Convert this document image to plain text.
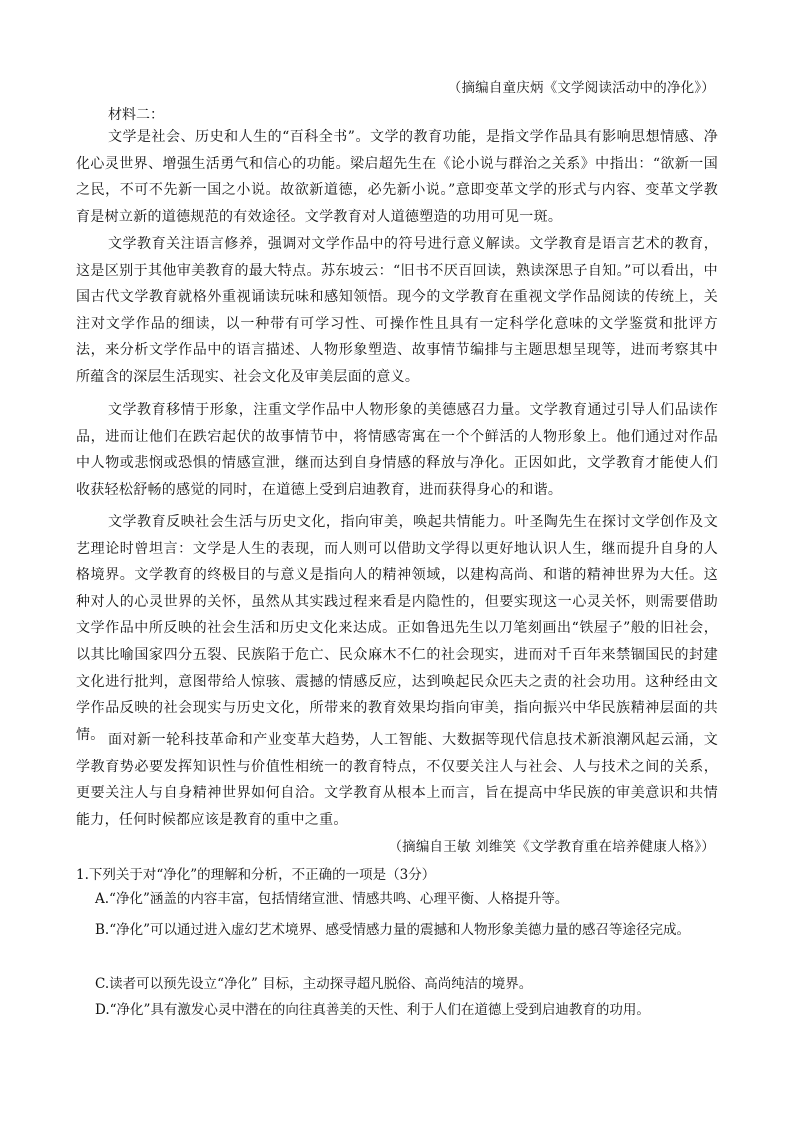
（摘编自童庆炳《文学阅读活动中的净化》）
材料二：

文学是社会、历史和人生的“百科全书”。文学的教育功能，是指文学作品具有影响思想情感、净化心灵世界、增强生活勇气和信心的功能。梁启超先生在《论小说与群治之关系》中指出：“欲新一国之民，不可不先新一国之小说。故欲新道德，必先新小说。”意即变革文学的形式与内容、变革文学教育是树立新的道德规范的有效途径。文学教育对人道德塑造的功用可见一斑。

文学教育关注语言修养，强调对文学作品中的符号进行意义解读。文学教育是语言艺术的教育，这是区别于其他审美教育的最大特点。苏东坡云：“旧书不厌百回读，熟读深思子自知。”可以看出，中国古代文学教育就格外重视诵读玩味和感知领悟。现今的文学教育在重视文学作品阅读的传统上，关注对文学作品的细读，以一种带有可学习性、可操作性且具有一定科学化意味的文学鉴赏和批评方法，来分析文学作品中的语言描述、人物形象塑造、故事情节编排与主题思想呈现等，进而考察其中所蕴含的深层生活现实、社会文化及审美层面的意义。

文学教育移情于形象，注重文学作品中人物形象的美德感召力量。文学教育通过引导人们品读作品，进而让他们在跌宕起伏的故事情节中，将情感寄寓在一个个鲜活的人物形象上。他们通过对作品中人物或悲悯或恐惧的情感宣泄，继而达到自身情感的释放与净化。正因如此，文学教育才能使人们收获轻松舒畅的感觉的同时，在道德上受到启迪教育，进而获得身心的和谐。

文学教育反映社会生活与历史文化，指向审美，唤起共情能力。叶圣陶先生在探讨文学创作及文艺理论时曾坦言：文学是人生的表现，而人则可以借助文学得以更好地认识人生，继而提升自身的人格境界。文学教育的终极目的与意义是指向人的精神领域，以建构高尚、和谐的精神世界为大任。这种对人的心灵世界的关怀，虽然从其实践过程来看是内隐性的，但要实现这一心灵关怀，则需要借助文学作品中所反映的社会生活和历史文化来达成。正如鲁迅先生以刀笔刻画出“铁屋子”般的旧社会，以其比喻国家四分五裂、民族陷于危亡、民众麻木不仁的社会现实，进而对千百年来禁锢国民的封建文化进行批判，意图带给人惊骇、震撼的情感反应，达到唤起民众匹夫之责的社会功用。这种经由文学作品反映的社会现实与历史文化，所带来的教育效果均指向审美，指向振兴中华民族精神层面的共情。 面对新一轮科技革命和产业变革大趋势，人工智能、大数据等现代信息技术新浪潮风起云涌，文学教育势必要发挥知识性与价值性相统一的教育特点，不仅要关注人与社会、人与技术之间的关系，更要关注人与自身精神世界如何自洽。文学教育从根本上而言，旨在提高中华民族的审美意识和共情能力，任何时候都应该是教育的重中之重。

（摘编自王敏 刘维笑《文学教育重在培养健康人格》）
1.下列关于对“净化”的理解和分析，不正确的一项是（3分）

A.“净化”涵盖的内容丰富，包括情绪宣泄、情感共鸣、心理平衡、人格提升等。

B.“净化”可以通过进入虚幻艺术境界、感受情感力量的震撼和人物形象美德力量的感召等途径完成。

C.读者可以预先设立“净化” 目标，主动探寻超凡脱俗、高尚纯洁的境界。

D.“净化”具有激发心灵中潜在的向往真善美的天性、利于人们在道德上受到启迪教育的功用。
